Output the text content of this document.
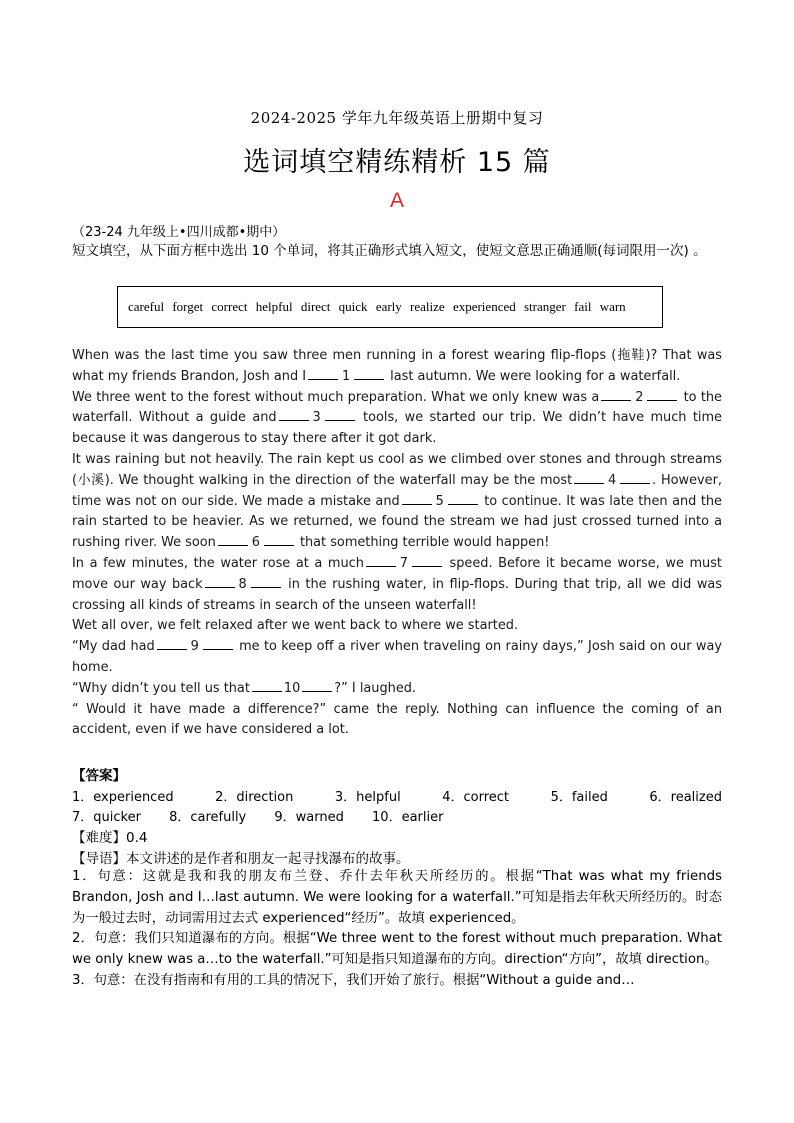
2024-2025 学年九年级英语上册期中复习
选词填空精练精析 15 篇
A
（23-24 九年级上•四川成都•期中）
短文填空，从下面方框中选出 10 个单词，将其正确形式填入短文，使短文意思正确通顺(每词限用一次) 。
careful forget correct helpful direct quick early realize experienced stranger fail warn

When was the last time you saw three men running in a forest wearing flip-flops (拖鞋)? That was what my friends Brandon, Josh and I	1	last autumn. We were looking for a waterfall.

We three went to the forest without much preparation. What we only knew was a	2	to the waterfall. Without a guide and	3	tools, we started our trip. We didn’t have much time because it was dangerous to stay there after it got dark.

It was raining but not heavily. The rain kept us cool as we climbed over stones and through streams (小溪). We thought walking in the direction of the waterfall may be the most	4	. However, time was not on our side. We made a mistake and	5	to continue. It was late then and the rain started to be heavier. As we returned, we found the stream we had just crossed turned into a rushing river. We soon	6	that something terrible would happen!

In a few minutes, the water rose at a much	7	speed. Before it became worse, we must move our way back	8	in the rushing water, in flip-flops. During that trip, all we did was crossing all kinds of streams in search of the unseen waterfall!

Wet all over, we felt relaxed after we went back to where we started.

“My dad had	9	me to keep off a river when traveling on rainy days,” Josh said on our way home.

“Why didn’t you tell us that	10	?” I laughed.

“ Would it have made a difference?” came the reply. Nothing can influence the coming of an accident, even if we have considered a lot.

【答案】
1．experienced	2．direction	3．helpful	4．correct	5．failed	6．realized
7．quicker 8．carefully 9．warned 10．earlier
【难度】0.4
【导语】本文讲述的是作者和朋友一起寻找瀑布的故事。

1．句意：这就是我和我的朋友布兰登、乔什去年秋天所经历的。根据“That was what my friends Brandon, Josh and I…last autumn. We were looking for a waterfall.”可知是指去年秋天所经历的。时态为一般过去时，动词需用过去式 experienced“经历”。故填 experienced。

2．句意：我们只知道瀑布的方向。根据“We three went to the forest without much preparation. What we only knew was a…to the waterfall.”可知是指只知道瀑布的方向。direction“方向”，故填 direction。

3．句意：在没有指南和有用的工具的情况下，我们开始了旅行。根据“Without a guide and…
